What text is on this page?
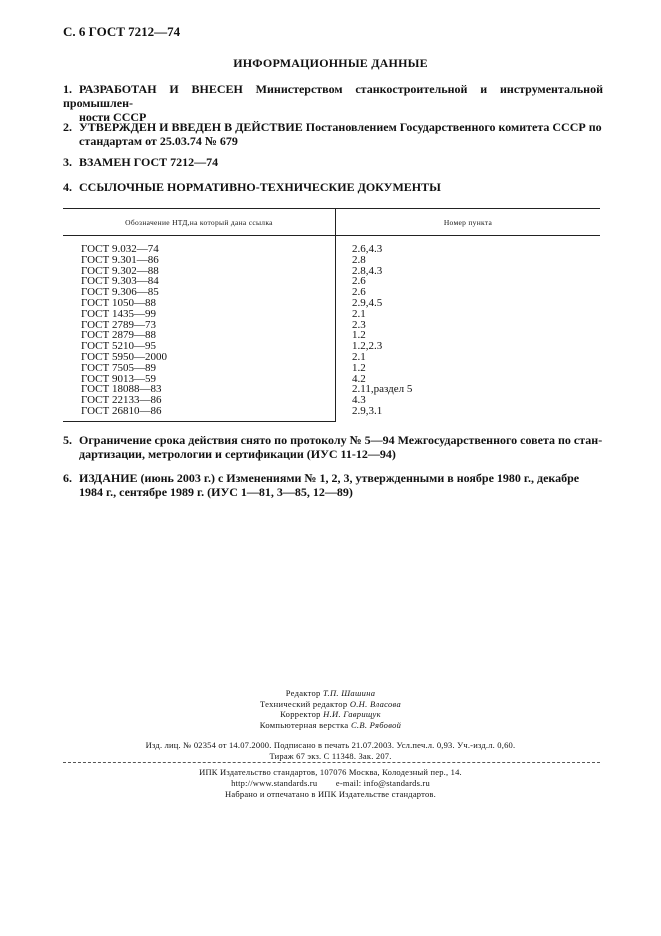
С. 6 ГОСТ 7212—74
ИНФОРМАЦИОННЫЕ ДАННЫЕ
1. РАЗРАБОТАН И ВНЕСЕН Министерством станкостроительной и инструментальной промышлен-
ности СССР
2. УТВЕРЖДЕН И ВВЕДЕН В ДЕЙСТВИЕ Постановлением Государственного комитета СССР по
стандартам от 25.03.74 № 679
3. ВЗАМЕН ГОСТ 7212—74
4. ССЫЛОЧНЫЕ НОРМАТИВНО-ТЕХНИЧЕСКИЕ ДОКУМЕНТЫ
Обозначение НТД,на который дана ссылка	Номер пункта
ГОСТ 9.032—74	2.6,4.3
ГОСТ 9.301—86	2.8
ГОСТ 9.302—88	2.8,4.3
ГОСТ 9.303—84	2.6
ГОСТ 9.306—85	2.6
ГОСТ 1050—88	2.9,4.5
ГОСТ 1435—99	2.1
ГОСТ 2789—73	2.3
ГОСТ 2879—88	1.2
ГОСТ 5210—95	1.2,2.3
ГОСТ 5950—2000	2.1
ГОСТ 7505—89	1.2
ГОСТ 9013—59	4.2
ГОСТ 18088—83	2.11,раздел 5
ГОСТ 22133—86	4.3
ГОСТ 26810—86	2.9,3.1
5. Ограничение срока действия снято по протоколу № 5—94 Межгосударственного совета по стан-
дартизации, метрологии и сертификации (ИУС 11-12—94)
6. ИЗДАНИЕ (июнь 2003 г.) с Изменениями № 1, 2, 3, утвержденными в ноябре 1980 г., декабре
1984 г., сентябре 1989 г. (ИУС 1—81, 3—85, 12—89)
Редактор Т.П. Шашина
Технический редактор О.Н. Власова
Корректор Н.И. Гаврищук
Компьютерная верстка С.В. Рябовой
Изд. лиц. № 02354 от 14.07.2000. Подписано в печать 21.07.2003. Усл.печ.л. 0,93. Уч.-изд.л. 0,60.
Тираж 67 экз. С 11348. Зак. 207.
ИПК Издательство стандартов, 107076 Москва, Колодезный пер., 14.
http://www.standards.ru        e-mail: info@standards.ru
Набрано и отпечатано в ИПК Издательстве стандартов.
